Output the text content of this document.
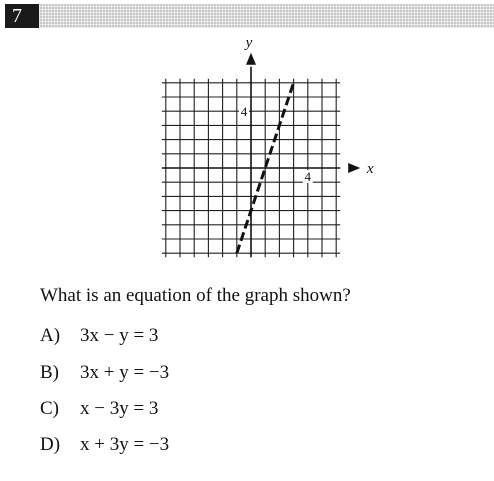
7
y
x
4
4
What is an equation of the graph shown?
A) 3x − y = 3
B) 3x + y = −3
C) x − 3y = 3
D) x + 3y = −3
